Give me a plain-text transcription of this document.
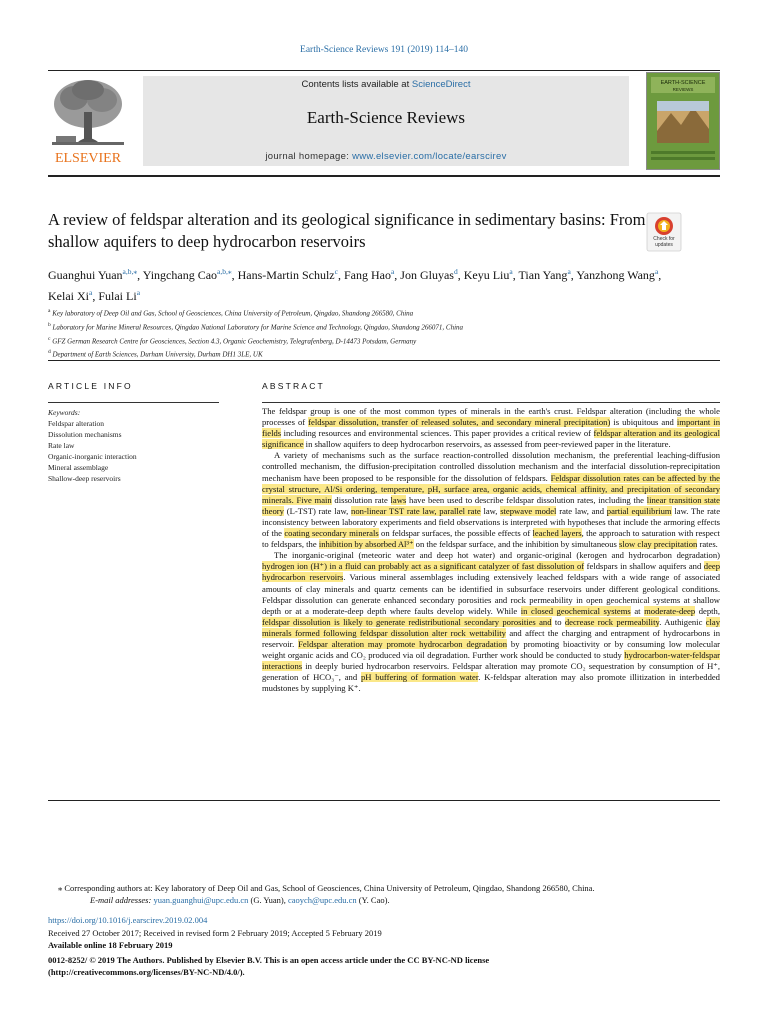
Earth-Science Reviews 191 (2019) 114–140
ELSEVIER
Contents lists available at ScienceDirect
Earth-Science Reviews
journal homepage: www.elsevier.com/locate/earscirev
EARTH-SCIENCE
REVIEWS
A review of feldspar alteration and its geological significance in sedimentary basins: From shallow aquifers to deep hydrocarbon reservoirs	Check for updates
Guanghui Yuan$^{a,b,⁎}$, Yingchang Cao$^{a,b,⁎}$, Hans-Martin Schulz$^c$, Fang Hao$^a$, Jon Gluyas$^d$, Keyu Liu$^a$, Tian Yang$^a$, Yanzhong Wang$^a$, Kelai Xi$^a$, Fulai Li$^a$
$^a$ Key laboratory of Deep Oil and Gas, School of Geosciences, China University of Petroleum, Qingdao, Shandong 266580, China
$^b$ Laboratory for Marine Mineral Resources, Qingdao National Laboratory for Marine Science and Technology, Qingdao, Shandong 266071, China
$^c$ GFZ German Research Centre for Geosciences, Section 4.3, Organic Geochemistry, Telegrafenberg, D-14473 Potsdam, Germany
$^d$ Department of Earth Sciences, Durham University, Durham DH1 3LE, UK
ARTICLE INFO	ABSTRACT
Keywords:
Feldspar alteration
Dissolution mechanisms
Rate law
Organic-inorganic interaction
Mineral assemblage
Shallow-deep reservoirs

The feldspar group is one of the most common types of minerals in the earth's crust. Feldspar alteration (including the whole processes of feldspar dissolution, transfer of released solutes, and secondary mineral precipitation) is ubiquitous and important in fields including resources and environmental sciences. This paper provides a critical review of feldspar alteration and its geological significance in shallow aquifers to deep hydrocarbon reservoirs, as assessed from peer-reviewed paper in the literature.

A variety of mechanisms such as the surface reaction-controlled dissolution mechanism, the preferential leaching-diffusion controlled mechanism, the diffusion-precipitation controlled dissolution mechanism and the interfacial dissolution-reprecipitation mechanism have been proposed to be responsible for the dissolution of feldspars. Feldspar dissolution rates can be affected by the crystal structure, Al/Si ordering, temperature, pH, surface area, organic acids, chemical affinity, and precipitation of secondary minerals. Five main dissolution rate laws have been used to describe feldspar dissolution rates, including the linear transition state theory (L-TST) rate law, non-linear TST rate law, parallel rate law, stepwave model rate law, and partial equilibrium law. The rate inconsistency between laboratory experiments and field observations is interpreted with hypotheses that include the armoring effects of the coating secondary minerals on feldspar surfaces, the possible effects of leached layers, the approach to saturation with respect to feldspars, the inhibition by absorbed Al³⁺ on the feldspar surface, and the inhibition by simultaneous slow clay precipitation rates.

The inorganic-original (meteoric water and deep hot water) and organic-original (kerogen and hydrocarbon degradation) hydrogen ion (H⁺) in a fluid can probably act as a significant catalyzer of fast dissolution of feldspars in shallow aquifers and deep hydrocarbon reservoirs. Various mineral assemblages including extensively leached feldspars with a wide range of associated amounts of clay minerals and quartz cements can be identified in subsurface reservoirs under different geological conditions. Feldspar dissolution can generate enhanced secondary porosities and rock permeability in open geochemical systems at shallow depth or at a moderate-deep depth where faults develop widely. While in closed geochemical systems at moderate-deep depth, feldspar dissolution is likely to generate redistributional secondary porosities and to decrease rock permeability. Authigenic clay minerals formed following feldspar dissolution alter rock wettability and affect the charging and entrapment of hydrocarbons in reservoir. Feldspar alteration may promote hydrocarbon degradation by promoting bioactivity or by consuming low molecular weight organic acids and CO₂ produced via oil degradation. Further work should be conducted to study hydrocarbon-water-feldspar interactions in deeply buried hydrocarbon reservoirs. Feldspar alteration may promote CO₂ sequestration by consumption of H⁺, generation of HCO₃⁻, and pH buffering of formation water. K-feldspar alteration may also promote illitization in interbedded mudstones by supplying K⁺.

⁎ Corresponding authors at: Key laboratory of Deep Oil and Gas, School of Geosciences, China University of Petroleum, Qingdao, Shandong 266580, China.
E-mail addresses: yuan.guanghui@upc.edu.cn (G. Yuan), caoych@upc.edu.cn (Y. Cao).
https://doi.org/10.1016/j.earscirev.2019.02.004
Received 27 October 2017; Received in revised form 2 February 2019; Accepted 5 February 2019
Available online 18 February 2019
0012-8252/ © 2019 The Authors. Published by Elsevier B.V. This is an open access article under the CC BY-NC-ND license (http://creativecommons.org/licenses/BY-NC-ND/4.0/).
